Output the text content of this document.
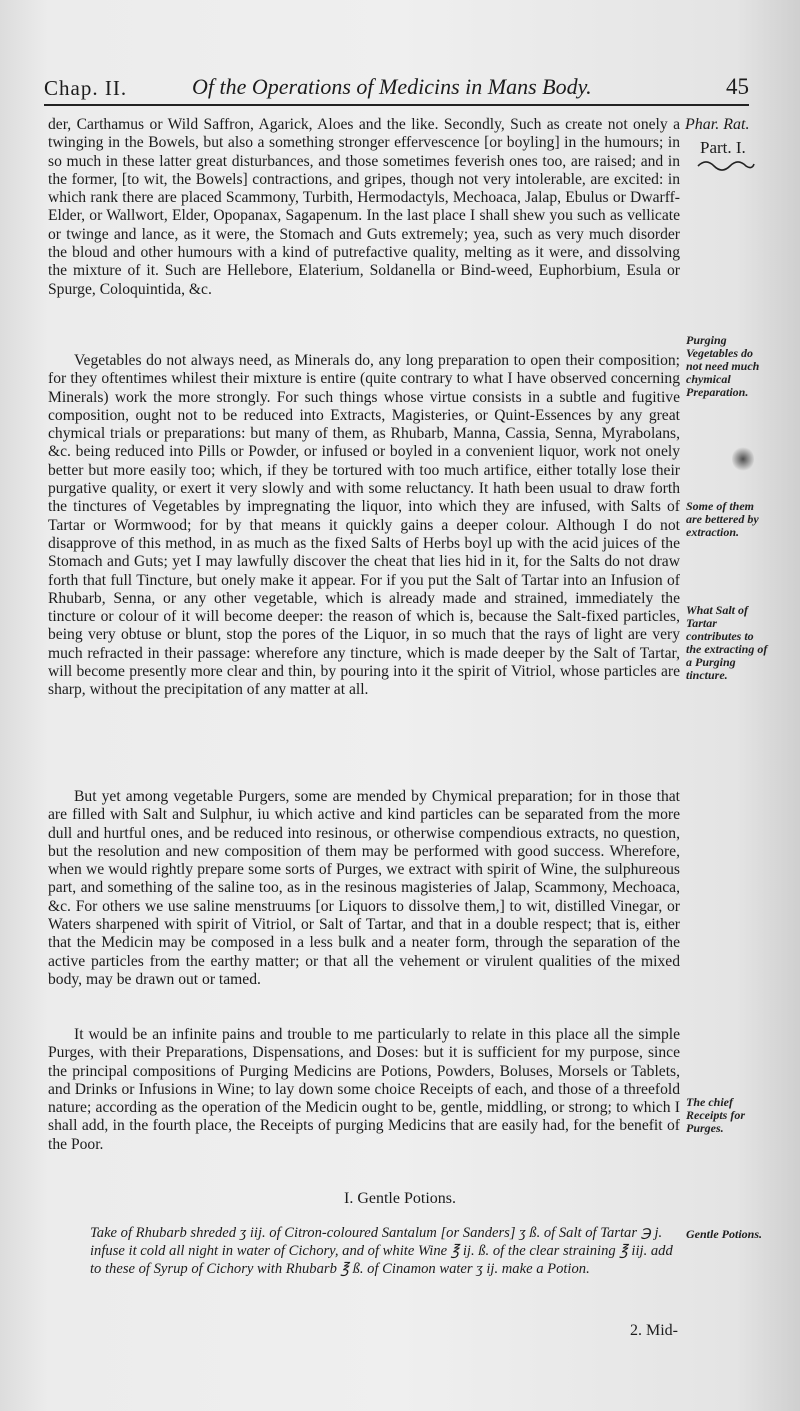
Chap. II.	Of the Operations of Medicins in Mans Body.	45
Phar. Rat.
Part. I.

der, Carthamus or Wild Saffron, Agarick, Aloes and the like. Secondly, Such as create not onely a twinging in the Bowels, but also a something stronger effervescence [or boyling] in the humours; in so much in these latter great disturbances, and those sometimes feverish ones too, are raised; and in the former, [to wit, the Bowels] contractions, and gripes, though not very intolerable, are excited: in which rank there are placed Scammony, Turbith, Hermodactyls, Mechoaca, Jalap, Ebulus or Dwarff-Elder, or Wallwort, Elder, Opopanax, Sagapenum. In the last place I shall shew you such as vellicate or twinge and lance, as it were, the Stomach and Guts extremely; yea, such as very much disorder the bloud and other humours with a kind of putrefactive quality, melting as it were, and dissolving the mixture of it. Such are Hellebore, Elaterium, Soldanella or Bind-weed, Euphorbium, Esula or Spurge, Coloquintida, &c.

Vegetables do not always need, as Minerals do, any long preparation to open their composition; for they oftentimes whilest their mixture is entire (quite contrary to what I have observed concerning Minerals) work the more strongly. For such things whose virtue consists in a subtle and fugitive composition, ought not to be reduced into Extracts, Magisteries, or Quint-Essences by any great chymical trials or preparations: but many of them, as Rhubarb, Manna, Cassia, Senna, Myrabolans, &c. being reduced into Pills or Powder, or infused or boyled in a convenient liquor, work not onely better but more easily too; which, if they be tortured with too much artifice, either totally lose their purgative quality, or exert it very slowly and with some reluctancy. It hath been usual to draw forth the tinctures of Vegetables by impregnating the liquor, into which they are infused, with Salts of Tartar or Wormwood; for by that means it quickly gains a deeper colour. Although I do not disapprove of this method, in as much as the fixed Salts of Herbs boyl up with the acid juices of the Stomach and Guts; yet I may lawfully discover the cheat that lies hid in it, for the Salts do not draw forth that full Tincture, but onely make it appear. For if you put the Salt of Tartar into an Infusion of Rhubarb, Senna, or any other vegetable, which is already made and strained, immediately the tincture or colour of it will become deeper: the reason of which is, because the Salt-fixed particles, being very obtuse or blunt, stop the pores of the Liquor, in so much that the rays of light are very much refracted in their passage: wherefore any tincture, which is made deeper by the Salt of Tartar, will become presently more clear and thin, by pouring into it the spirit of Vitriol, whose particles are sharp, without the precipitation of any matter at all.

But yet among vegetable Purgers, some are mended by Chymical preparation; for in those that are filled with Salt and Sulphur, iu which active and kind particles can be separated from the more dull and hurtful ones, and be reduced into resinous, or otherwise compendious extracts, no question, but the resolution and new composition of them may be performed with good success. Wherefore, when we would rightly prepare some sorts of Purges, we extract with spirit of Wine, the sulphureous part, and something of the saline too, as in the resinous magisteries of Jalap, Scammony, Mechoaca, &c. For others we use saline menstruums [or Liquors to dissolve them,] to wit, distilled Vinegar, or Waters sharpened with spirit of Vitriol, or Salt of Tartar, and that in a double respect; that is, either that the Medicin may be composed in a less bulk and a neater form, through the separation of the active particles from the earthy matter; or that all the vehement or virulent qualities of the mixed body, may be drawn out or tamed.

It would be an infinite pains and trouble to me particularly to relate in this place all the simple Purges, with their Preparations, Dispensations, and Doses: but it is sufficient for my purpose, since the principal compositions of Purging Medicins are Potions, Powders, Boluses, Morsels or Tablets, and Drinks or Infusions in Wine; to lay down some choice Receipts of each, and those of a threefold nature; according as the operation of the Medicin ought to be, gentle, middling, or strong; to which I shall add, in the fourth place, the Receipts of purging Medicins that are easily had, for the benefit of the Poor.

Purging Vegetables do not need much chymical Preparation.
Some of them are bettered by extraction.
What Salt of Tartar contributes to the extracting of a Purging tincture.
The chief Receipts for Purges.
I. Gentle Potions.
Take of Rhubarb shreded ʒ iij. of Citron-coloured Santalum [or Sanders] ʒ ß. of Salt of Tartar ℈ j. infuse it cold all night in water of Cichory, and of white Wine ℥ ij. ß. of the clear straining ℥ iij. add to these of Syrup of Cichory with Rhubarb ℥ ß. of Cinamon water ʒ ij. make a Potion.
Gentle Potions.
2. Mid-
